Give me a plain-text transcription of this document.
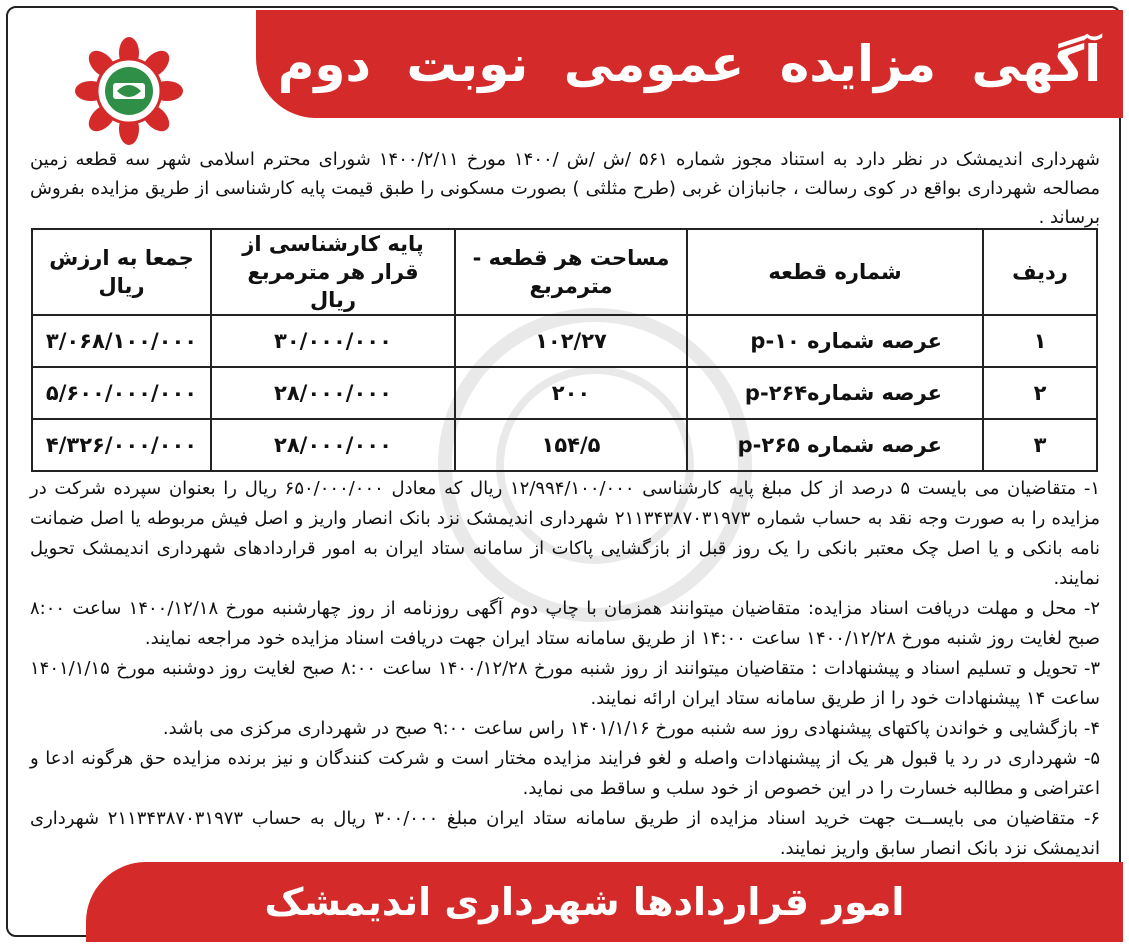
آگهی مزایده عمومی نوبت دوم

شهرداری اندیمشک در نظر دارد به استناد مجوز شماره ۵۶۱ /ش /ش /۱۴۰۰ مورخ ۱۴۰۰/۲/۱۱ شورای محترم اسلامی شهر سه قطعه زمین مصالحه شهرداری بواقع در کوی رسالت ، جانبازان غربی (طرح مثلثی ) بصورت مسکونی را طبق قیمت پایه کارشناسی از طریق مزایده بفروش برساند .

ردیف	شماره قطعه	مساحت هر قطعه - مترمربع	پایه کارشناسی از قرار هر مترمربع ریال	جمعا به ارزش ریال
۱	عرصه شماره ۱۰-p	۱۰۲/۲۷	۳۰/۰۰۰/۰۰۰	۳/۰۶۸/۱۰۰/۰۰۰
۲	عرصه شماره۲۶۴-p	۲۰۰	۲۸/۰۰۰/۰۰۰	۵/۶۰۰/۰۰۰/۰۰۰
۳	عرصه شماره ۲۶۵-p	۱۵۴/۵	۲۸/۰۰۰/۰۰۰	۴/۳۲۶/۰۰۰/۰۰۰

۱- متقاضیان می بایست ۵ درصد از کل مبلغ پایه کارشناسی ۱۲/۹۹۴/۱۰۰/۰۰۰ ریال که معادل ۶۵۰/۰۰۰/۰۰۰ ریال را بعنوان سپرده شرکت در مزایده را به صورت وجه نقد به حساب شماره ۲۱۱۳۴۳۸۷۰۳۱۹۷۳ شهرداری اندیمشک نزد بانک انصار واریز و اصل فیش مربوطه یا اصل ضمانت نامه بانکی و یا اصل چک معتبر بانکی را یک روز قبل از بازگشایی پاکات از سامانه ستاد ایران به امور قراردادهای شهرداری اندیمشک تحویل نمایند.

۲- محل و مهلت دریافت اسناد مزایده: متقاضیان میتوانند همزمان با چاپ دوم آگهی روزنامه از روز چهارشنبه مورخ ۱۴۰۰/۱۲/۱۸ ساعت ۸:۰۰ صبح لغایت روز شنبه مورخ ۱۴۰۰/۱۲/۲۸ ساعت ۱۴:۰۰ از طریق سامانه ستاد ایران جهت دریافت اسناد مزایده خود مراجعه نمایند.

۳- تحویل و تسلیم اسناد و پیشنهادات : متقاضیان میتوانند از روز شنبه مورخ ۱۴۰۰/۱۲/۲۸ ساعت ۸:۰۰ صبح لغایت روز دوشنبه مورخ ۱۴۰۱/۱/۱۵ ساعت ۱۴ پیشنهادات خود را از طریق سامانه ستاد ایران ارائه نمایند.

۴- بازگشایی و خواندن پاکتهای پیشنهادی روز سه شنبه مورخ ۱۴۰۱/۱/۱۶ راس ساعت ۹:۰۰ صبح در شهرداری مرکزی می باشد.

۵- شهرداری در رد یا قبول هر یک از پیشنهادات واصله و لغو فرایند مزایده مختار است و شرکت کنندگان و نیز برنده مزایده حق هرگونه ادعا و اعتراضی و مطالبه خسارت را در این خصوص از خود سلب و ساقط می نماید.

۶- متقاضیان می بایســت جهت خرید اسناد مزایده از طریق سامانه ستاد ایران مبلغ ۳۰۰/۰۰۰ ریال به حساب ۲۱۱۳۴۳۸۷۰۳۱۹۷۳ شهرداری اندیمشک نزد بانک انصار سابق واریز نمایند.

امور قراردادها شهرداری اندیمشک
